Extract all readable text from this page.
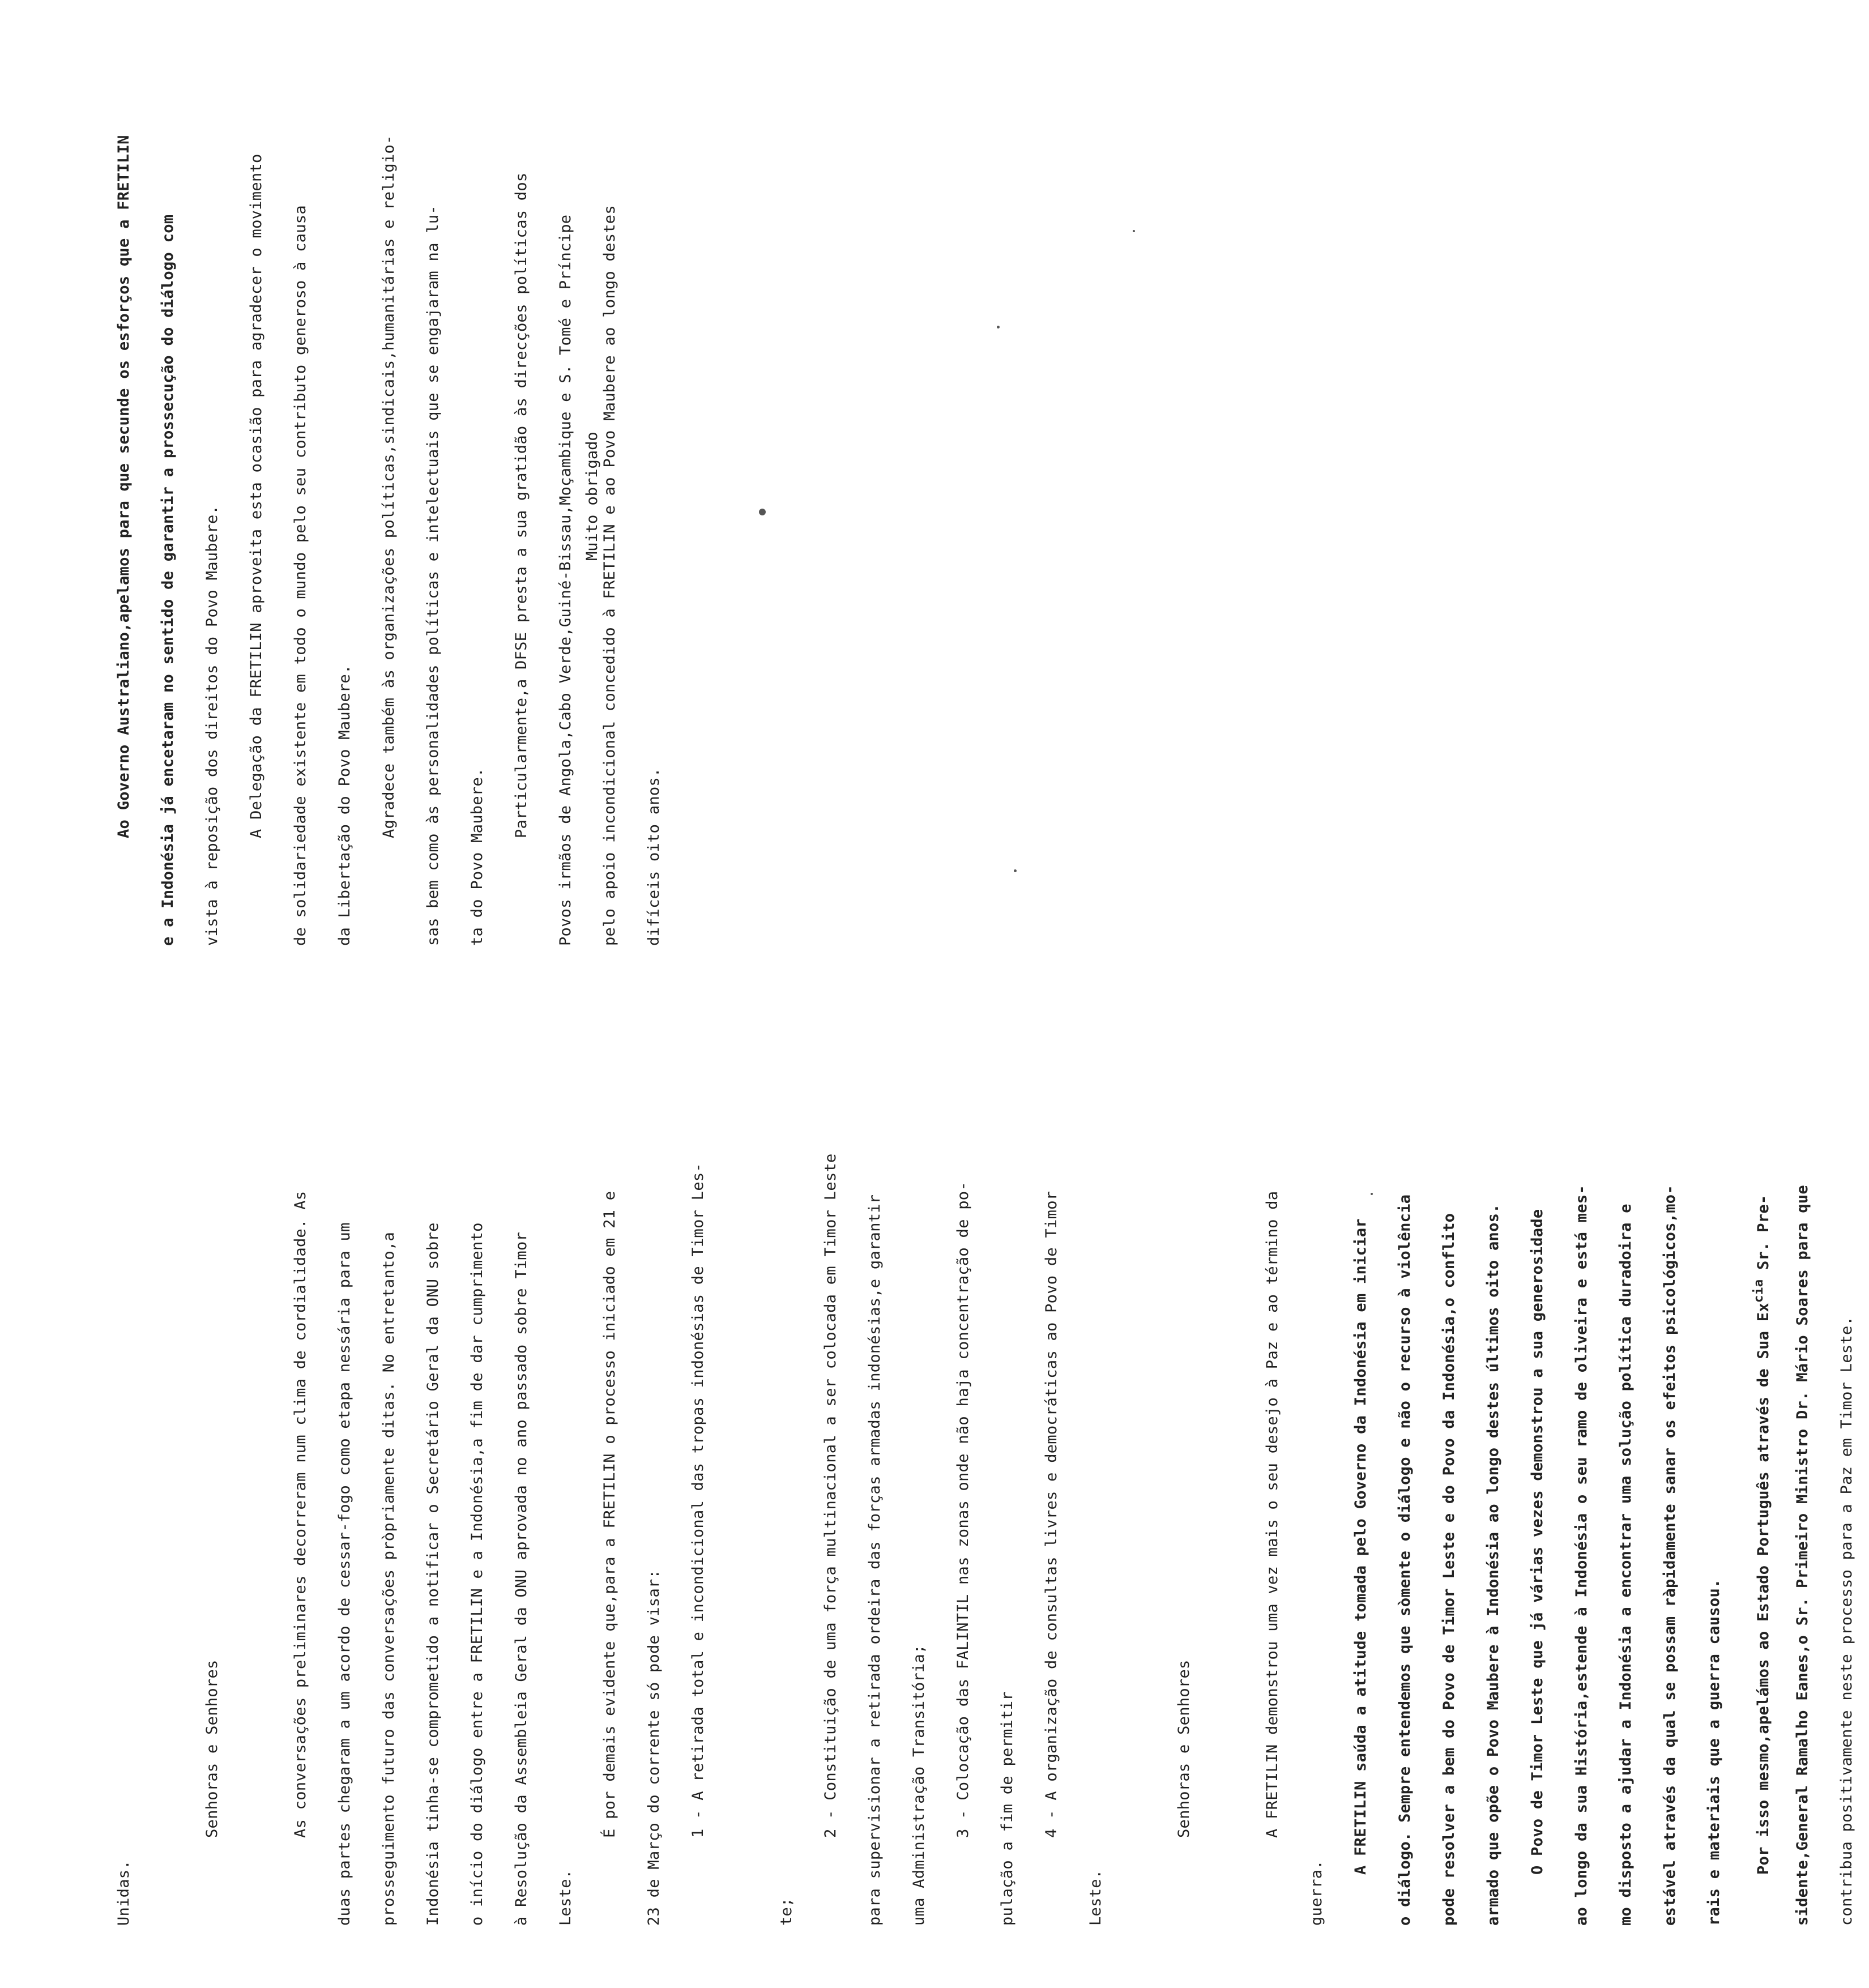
Unidas.
Senhoras e Senhores	As conversações preliminares decorreram num clima de cordialidade. As	duas partes chegaram a um acordo de cessar-fogo como etapa nessária para um	prosseguimento futuro das conversações pròpriamente ditas. No entretanto,a	Indonésia tinha-se comprometido a notificar o Secretário Geral da ONU sobre	o início do diálogo entre a FRETILIN e a Indonésia,a fim de dar cumprimento	à Resolução da Assembleia Geral da ONU aprovada no ano passado sobre Timor	Leste.
É por demais evidente que,para a FRETILIN o processo iniciado em 21 e	23 de Março do corrente só pode visar:	1 - A retirada total e incondicional das tropas indonésias de Timor Les-
te;
2 - Constituição de uma força multinacional a ser colocada em Timor Leste	para supervisionar a retirada ordeira das forças armadas indonésias,e garantir	uma Administração Transitória;	3 - Colocação das FALINTIL nas zonas onde não haja concentração de po-	pulação a fim de permitir	4 - A organização de consultas livres e democráticas ao Povo de Timor
Leste.
Senhoras e Senhores	A FRETILIN demonstrou uma vez mais o seu desejo à Paz e ao término da
guerra.
A FRETILIN saúda a atitude tomada pelo Governo da Indonésia em iniciar	o diálogo. Sempre entendemos que sòmente o diálogo e não o recurso à violência	pode resolver a bem do Povo de Timor Leste e do Povo da Indonésia,o conflito	armado que opõe o Povo Maubere à Indonésia ao longo destes últimos oito anos.	O Povo de Timor Leste que já várias vezes demonstrou a sua generosidade	ao longo da sua História,estende à Indonésia o seu ramo de oliveira e está mes-	mo disposto a ajudar a Indonésia a encontrar uma solução política duradoira e	estável através da qual se possam ràpidamente sanar os efeitos psicológicos,mo-	rais e materiais que a guerra causou.	Por isso mesmo,apelámos ao Estado Português através de Sua $Ex^{cia}$ Sr. Pre-	sidente,General Ramalho Eanes,o Sr. Primeiro Ministro Dr. Mário Soares para que	contribua positivamente neste processo para a Paz em Timor Leste.
Ao Governo Australiano,apelamos para que secunde os esforços que a FRETILIN	e a Indonésia já encetaram no sentido de garantir a prossecução do diálogo com	vista à reposição dos direitos do Povo Maubere.	A Delegação da FRETILIN aproveita esta ocasião para agradecer o movimento	de solidariedade existente em todo o mundo pelo seu contributo generoso à causa	da Libertação do Povo Maubere.	Agradece também às organizações políticas,sindicais,humanitárias e religio-	sas bem como às personalidades políticas e intelectuais que se engajaram na lu-	ta do Povo Maubere.
Particularmente,a DFSE presta a sua gratidão às direcções políticas dos	Povos irmãos de Angola,Cabo Verde,Guiné-Bissau,Moçambique e S. Tomé e Príncipe	pelo apoio incondicional concedido à FRETILIN e ao Povo Maubere ao longo destes	difíceis oito anos.
Muito obrigado
